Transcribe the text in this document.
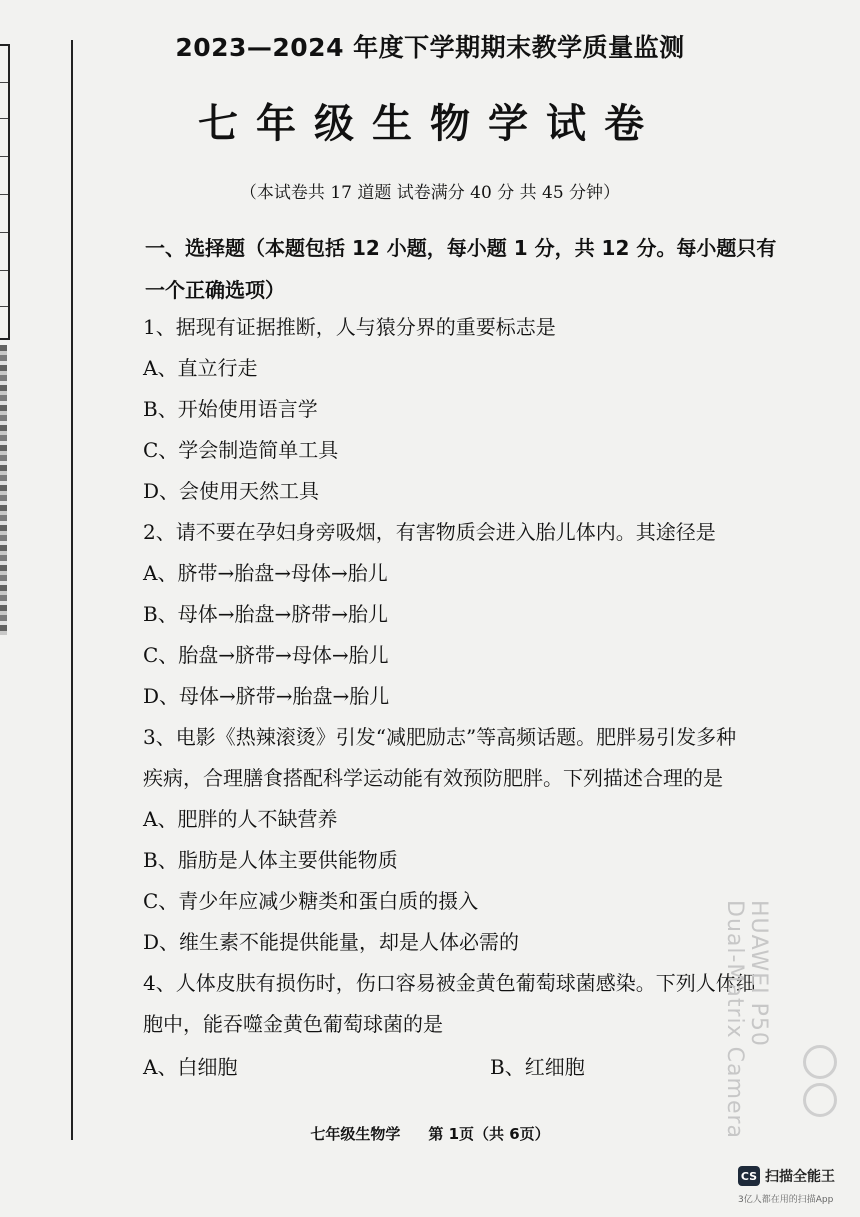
2023—2024 年度下学期期末教学质量监测
七年级生物学试卷
（本试卷共 17 道题 试卷满分 40 分 共 45 分钟）
一、选择题（本题包括 12 小题，每小题 1 分，共 12 分。每小题只有一个正确选项）
1、据现有证据推断，人与猿分界的重要标志是
A、直立行走
B、开始使用语言学
C、学会制造简单工具
D、会使用天然工具
2、请不要在孕妇身旁吸烟，有害物质会进入胎儿体内。其途径是
A、脐带→胎盘→母体→胎儿
B、母体→胎盘→脐带→胎儿
C、胎盘→脐带→母体→胎儿
D、母体→脐带→胎盘→胎儿
3、电影《热辣滚烫》引发“减肥励志”等高频话题。肥胖易引发多种
疾病，合理膳食搭配科学运动能有效预防肥胖。下列描述合理的是
A、肥胖的人不缺营养
B、脂肪是人体主要供能物质
C、青少年应减少糖类和蛋白质的摄入
D、维生素不能提供能量，却是人体必需的
4、人体皮肤有损伤时，伤口容易被金黄色葡萄球菌感染。下列人体细
胞中，能吞噬金黄色葡萄球菌的是
A、白细胞	B、红细胞
七年级生物学 第 1页（共 6页）
HUAWEI P50
Dual-Matrix Camera
CS 扫描全能王
3亿人都在用的扫描App
